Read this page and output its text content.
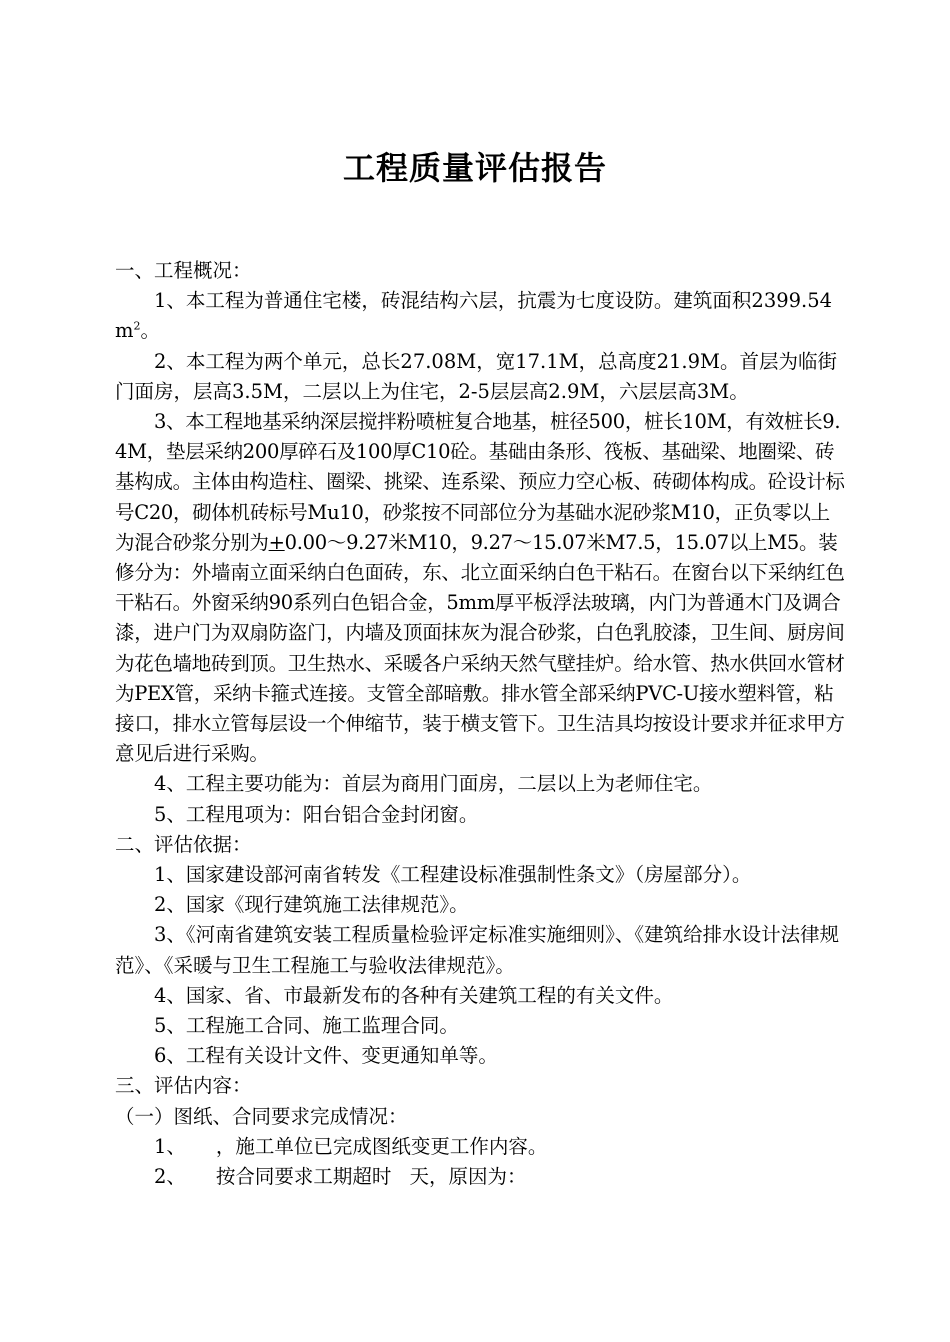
工程质量评估报告

一、工程概况：

1、本工程为普通住宅楼，砖混结构六层，抗震为七度设防。建筑面积$2399.54m^2$。

2、本工程为两个单元，总长27.08M，宽17.1M，总高度21.9M。首层为临街门面房，层高3.5M，二层以上为住宅，2-5层层高2.9M，六层层高3M。

3、本工程地基采纳深层搅拌粉喷桩复合地基，桩径500，桩长10M，有效桩长9.4M，垫层采纳200厚碎石及100厚C10砼。基础由条形、筏板、基础梁、地圈梁、砖基构成。主体由构造柱、圈梁、挑梁、连系梁、预应力空心板、砖砌体构成。砼设计标号C20，砌体机砖标号Mu10，砂浆按不同部位分为基础水泥砂浆M10，正负零以上为混合砂浆分别为+0.00～9.27米M10，9.27～15.07米M7.5，15.07以上M5。装修分为：外墙南立面采纳白色面砖，东、北立面采纳白色干粘石。在窗台以下采纳红色干粘石。外窗采纳90系列白色铝合金，5mm厚平板浮法玻璃，内门为普通木门及调合漆，进户门为双扇防盗门，内墙及顶面抹灰为混合砂浆，白色乳胶漆，卫生间、厨房间为花色墙地砖到顶。卫生热水、采暖各户采纳天然气壁挂炉。给水管、热水供回水管材为PEX管，采纳卡箍式连接。支管全部暗敷。排水管全部采纳PVC-U接水塑料管，粘接口，排水立管每层设一个伸缩节，装于横支管下。卫生洁具均按设计要求并征求甲方意见后进行采购。

4、工程主要功能为：首层为商用门面房，二层以上为老师住宅。

5、工程甩项为：阳台铝合金封闭窗。

二、评估依据：

1、国家建设部河南省转发《工程建设标准强制性条文》（房屋部分）。

2、国家《现行建筑施工法律规范》。

3、《河南省建筑安装工程质量检验评定标准实施细则》、《建筑给排水设计法律规范》、《采暖与卫生工程施工与验收法律规范》。

4、国家、省、市最新发布的各种有关建筑工程的有关文件。

5、工程施工合同、施工监理合同。

6、工程有关设计文件、变更通知单等。

三、评估内容：

（一）图纸、合同要求完成情况：

1、 ，施工单位已完成图纸变更工作内容。

2、 按合同要求工期超时 天，原因为：
